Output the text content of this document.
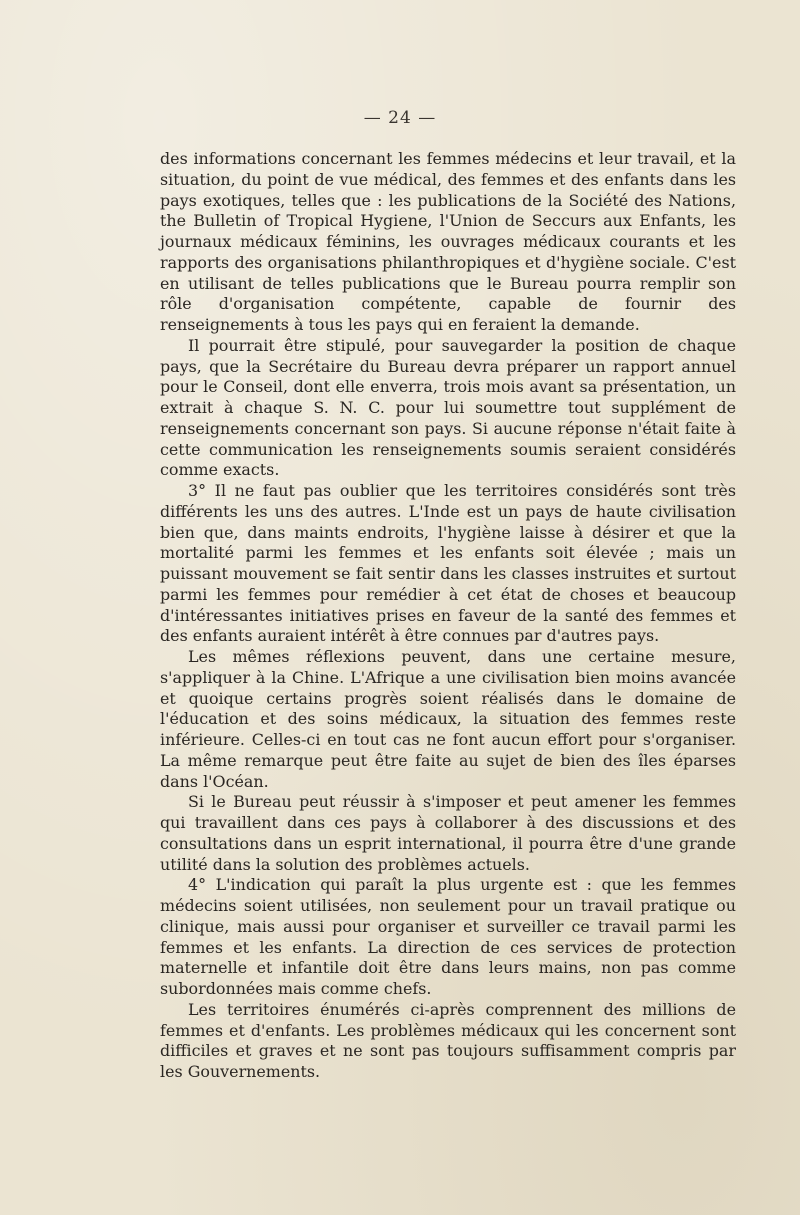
— 24 —

des informations concernant les femmes médecins et leur travail, et la situation, du point de vue médical, des femmes et des enfants dans les pays exotiques, telles que : les publications de la Société des Nations, the Bulletin of Tropical Hygiene, l'Union de Seccurs aux Enfants, les journaux médicaux féminins, les ouvrages médicaux courants et les rapports des organisations philanthropiques et d'hygiène sociale. C'est en utilisant de telles publications que le Bureau pourra remplir son rôle d'organisation compétente, capable de fournir des renseignements à tous les pays qui en feraient la demande.

Il pourrait être stipulé, pour sauvegarder la position de chaque pays, que la Secrétaire du Bureau devra préparer un rapport annuel pour le Conseil, dont elle enverra, trois mois avant sa présentation, un extrait à chaque S. N. C. pour lui soumettre tout supplément de renseignements concernant son pays. Si aucune réponse n'était faite à cette communication les renseignements soumis seraient considérés comme exacts.

3° Il ne faut pas oublier que les territoires considérés sont très différents les uns des autres. L'Inde est un pays de haute civilisation bien que, dans maints endroits, l'hygiène laisse à désirer et que la mortalité parmi les femmes et les enfants soit élevée ; mais un puissant mouvement se fait sentir dans les classes instruites et surtout parmi les femmes pour remédier à cet état de choses et beaucoup d'intéressantes initiatives prises en faveur de la santé des femmes et des enfants auraient intérêt à être connues par d'autres pays.

Les mêmes réflexions peuvent, dans une certaine mesure, s'appliquer à la Chine. L'Afrique a une civilisation bien moins avancée et quoique certains progrès soient réalisés dans le domaine de l'éducation et des soins médicaux, la situation des femmes reste inférieure. Celles-ci en tout cas ne font aucun effort pour s'organiser. La même remarque peut être faite au sujet de bien des îles éparses dans l'Océan.

Si le Bureau peut réussir à s'imposer et peut amener les femmes qui travaillent dans ces pays à collaborer à des discussions et des consultations dans un esprit international, il pourra être d'une grande utilité dans la solution des problèmes actuels.

4° L'indication qui paraît la plus urgente est : que les femmes médecins soient utilisées, non seulement pour un travail pratique ou clinique, mais aussi pour organiser et surveiller ce travail parmi les femmes et les enfants. La direction de ces services de protection maternelle et infantile doit être dans leurs mains, non pas comme subordonnées mais comme chefs.

Les territoires énumérés ci-après comprennent des millions de femmes et d'enfants. Les problèmes médicaux qui les concernent sont difficiles et graves et ne sont pas toujours suffisamment compris par les Gouvernements.
